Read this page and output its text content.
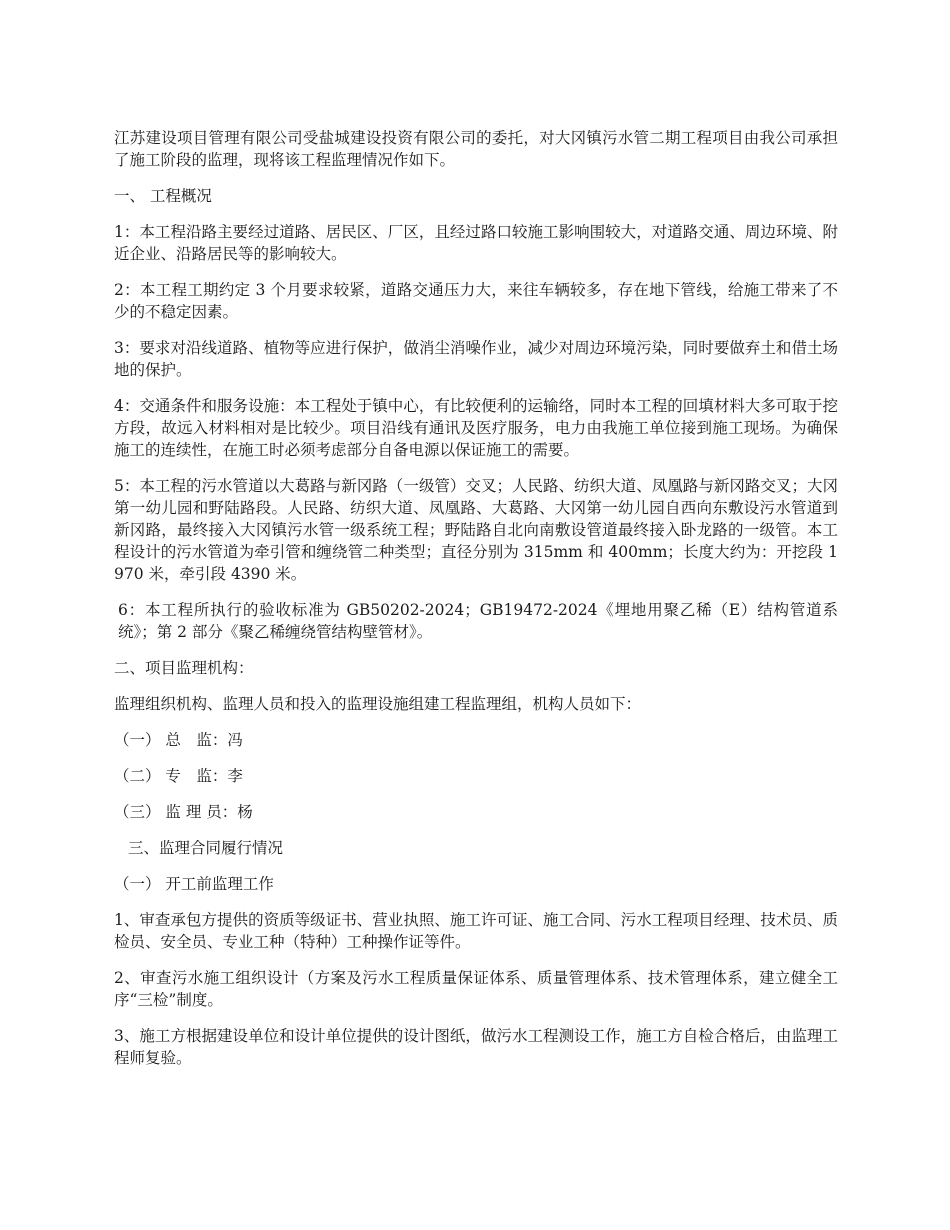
江苏建设项目管理有限公司受盐城建设投资有限公司的委托，对大冈镇污水管二期工程项目由我公司承担了施工阶段的监理，现将该工程监理情况作如下。

一、 工程概况

1：本工程沿路主要经过道路、居民区、厂区，且经过路口较施工影响围较大，对道路交通、周边环境、附近企业、沿路居民等的影响较大。

2：本工程工期约定 3 个月要求较紧，道路交通压力大，来往车辆较多，存在地下管线，给施工带来了不少的不稳定因素。

3：要求对沿线道路、植物等应进行保护，做消尘消噪作业，减少对周边环境污染，同时要做弃土和借土场地的保护。

4：交通条件和服务设施：本工程处于镇中心，有比较便利的运输络，同时本工程的回填材料大多可取于挖方段，故远入材料相对是比较少。项目沿线有通讯及医疗服务，电力由我施工单位接到施工现场。为确保施工的连续性，在施工时必须考虑部分自备电源以保证施工的需要。

5：本工程的污水管道以大葛路与新冈路（一级管）交叉；人民路、纺织大道、凤凰路与新冈路交叉；大冈第一幼儿园和野陆路段。人民路、纺织大道、凤凰路、大葛路、大冈第一幼儿园自西向东敷设污水管道到新冈路，最终接入大冈镇污水管一级系统工程；野陆路自北向南敷设管道最终接入卧龙路的一级管。本工程设计的污水管道为牵引管和缠绕管二种类型；直径分别为 315mm 和 400mm；长度大约为：开挖段 1970 米，牵引段 4390 米。

6：本工程所执行的验收标准为 GB50202-2024；GB19472-2024《埋地用聚乙稀（E）结构管道系统》；第 2 部分《聚乙稀缠绕管结构壁管材》。

二、项目监理机构：

监理组织机构、监理人员和投入的监理设施组建工程监理组，机构人员如下：

（一） 总　监：冯

（二） 专　监：李

（三） 监 理 员：杨

三、监理合同履行情况

（一） 开工前监理工作

1、审查承包方提供的资质等级证书、营业执照、施工许可证、施工合同、污水工程项目经理、技术员、质检员、安全员、专业工种（特种）工种操作证等件。

2、审查污水施工组织设计（方案及污水工程质量保证体系、质量管理体系、技术管理体系，建立健全工序“三检”制度。

3、施工方根据建设单位和设计单位提供的设计图纸，做污水工程测设工作，施工方自检合格后，由监理工程师复验。
